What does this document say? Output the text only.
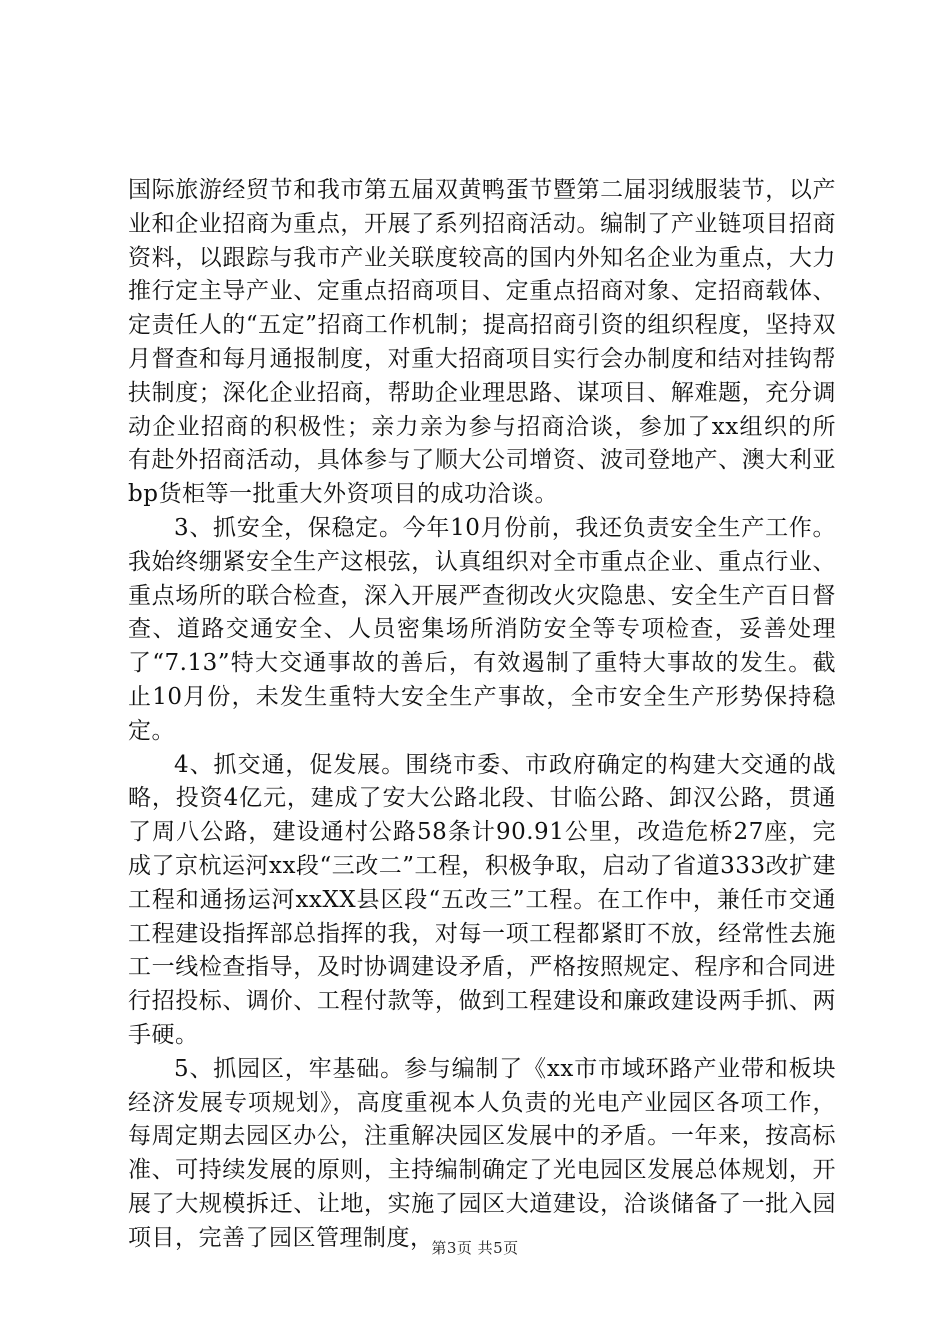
国际旅游经贸节和我市第五届双黄鸭蛋节暨第二届羽绒服装节，以产业和企业招商为重点，开展了系列招商活动。编制了产业链项目招商资料，以跟踪与我市产业关联度较高的国内外知名企业为重点，大力推行定主导产业、定重点招商项目、定重点招商对象、定招商载体、定责任人的“五定”招商工作机制；提高招商引资的组织程度，坚持双月督查和每月通报制度，对重大招商项目实行会办制度和结对挂钩帮扶制度；深化企业招商，帮助企业理思路、谋项目、解难题，充分调动企业招商的积极性；亲力亲为参与招商洽谈，参加了xx组织的所有赴外招商活动，具体参与了顺大公司增资、波司登地产、澳大利亚bp货柜等一批重大外资项目的成功洽谈。

3、抓安全，保稳定。今年10月份前，我还负责安全生产工作。我始终绷紧安全生产这根弦，认真组织对全市重点企业、重点行业、重点场所的联合检查，深入开展严查彻改火灾隐患、安全生产百日督查、道路交通安全、人员密集场所消防安全等专项检查，妥善处理了“7.13”特大交通事故的善后，有效遏制了重特大事故的发生。截止10月份，未发生重特大安全生产事故，全市安全生产形势保持稳定。

4、抓交通，促发展。围绕市委、市政府确定的构建大交通的战略，投资4亿元，建成了安大公路北段、甘临公路、卸汉公路，贯通了周八公路，建设通村公路58条计90.91公里，改造危桥27座，完成了京杭运河xx段“三改二”工程，积极争取，启动了省道333改扩建工程和通扬运河xxXX县区段“五改三”工程。在工作中，兼任市交通工程建设指挥部总指挥的我，对每一项工程都紧盯不放，经常性去施工一线检查指导，及时协调建设矛盾，严格按照规定、程序和合同进行招投标、调价、工程付款等，做到工程建设和廉政建设两手抓、两手硬。

5、抓园区，牢基础。参与编制了《xx市市域环路产业带和板块经济发展专项规划》，高度重视本人负责的光电产业园区各项工作，每周定期去园区办公，注重解决园区发展中的矛盾。一年来，按高标准、可持续发展的原则，主持编制确定了光电园区发展总体规划，开展了大规模拆迁、让地，实施了园区大道建设，洽谈储备了一批入园项目，完善了园区管理制度，

第3页 共5页
